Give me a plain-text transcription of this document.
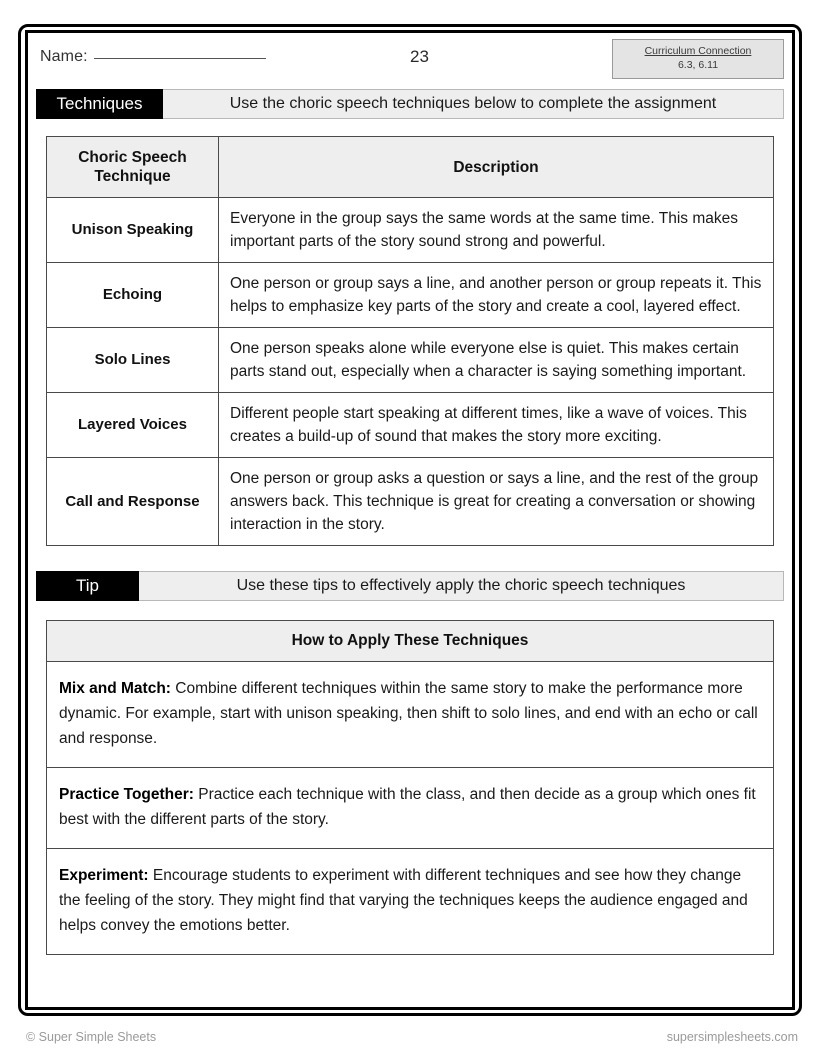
Name:	23	Curriculum Connection
6.3, 6.11
Techniques	Use the choric speech techniques below to complete the assignment
Choric Speech Technique	Description
Unison Speaking	Everyone in the group says the same words at the same time. This makes important parts of the story sound strong and powerful.
Echoing	One person or group says a line, and another person or group repeats it. This helps to emphasize key parts of the story and create a cool, layered effect.
Solo Lines	One person speaks alone while everyone else is quiet. This makes certain parts stand out, especially when a character is saying something important.
Layered Voices	Different people start speaking at different times, like a wave of voices. This creates a build-up of sound that makes the story more exciting.
Call and Response	One person or group asks a question or says a line, and the rest of the group answers back. This technique is great for creating a conversation or showing interaction in the story.
Tip	Use these tips to effectively apply the choric speech techniques
How to Apply These Techniques
Mix and Match: Combine different techniques within the same story to make the performance more dynamic. For example, start with unison speaking, then shift to solo lines, and end with an echo or call and response.
Practice Together: Practice each technique with the class, and then decide as a group which ones fit best with the different parts of the story.
Experiment: Encourage students to experiment with different techniques and see how they change the feeling of the story. They might find that varying the techniques keeps the audience engaged and helps convey the emotions better.
© Super Simple Sheets	supersimplesheets.com
